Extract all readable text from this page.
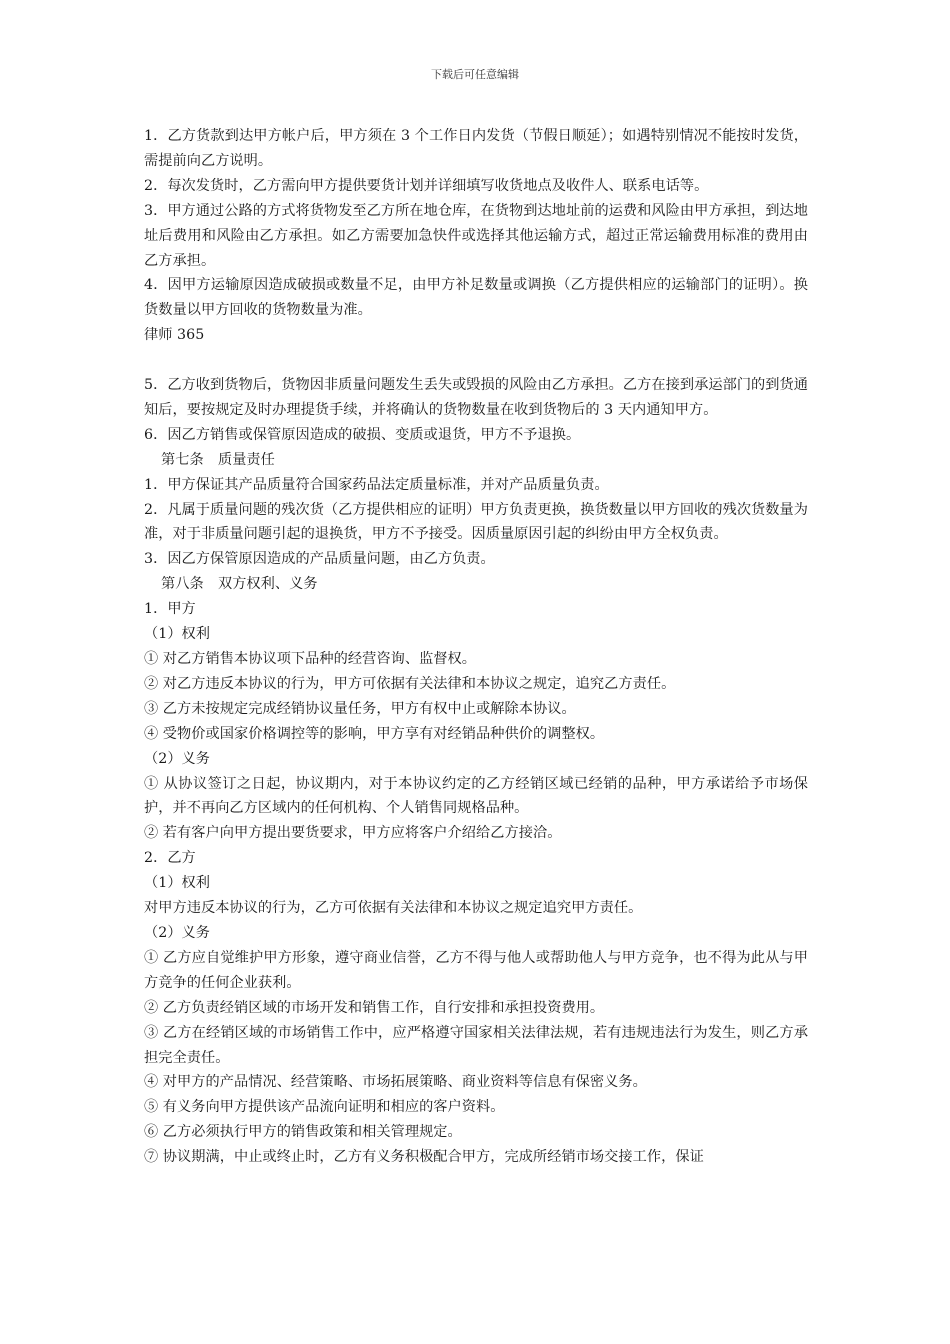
下载后可任意编辑

1．乙方货款到达甲方帐户后，甲方须在 3 个工作日内发货（节假日顺延）；如遇特别情况不能按时发货，需提前向乙方说明。

2．每次发货时，乙方需向甲方提供要货计划并详细填写收货地点及收件人、联系电话等。

3．甲方通过公路的方式将货物发至乙方所在地仓库，在货物到达地址前的运费和风险由甲方承担，到达地址后费用和风险由乙方承担。如乙方需要加急快件或选择其他运输方式，超过正常运输费用标准的费用由乙方承担。

4．因甲方运输原因造成破损或数量不足，由甲方补足数量或调换（乙方提供相应的运输部门的证明）。换货数量以甲方回收的货物数量为准。

律师 365

5．乙方收到货物后，货物因非质量问题发生丢失或毁损的风险由乙方承担。乙方在接到承运部门的到货通知后，要按规定及时办理提货手续，并将确认的货物数量在收到货物后的 3 天内通知甲方。

6．因乙方销售或保管原因造成的破损、变质或退货，甲方不予退换。

第七条　质量责任

1．甲方保证其产品质量符合国家药品法定质量标准，并对产品质量负责。

2．凡属于质量问题的残次货（乙方提供相应的证明）甲方负责更换，换货数量以甲方回收的残次货数量为准，对于非质量问题引起的退换货，甲方不予接受。因质量原因引起的纠纷由甲方全权负责。

3．因乙方保管原因造成的产品质量问题，由乙方负责。

第八条　双方权利、义务

1．甲方

（1）权利

① 对乙方销售本协议项下品种的经营咨询、监督权。

② 对乙方违反本协议的行为，甲方可依据有关法律和本协议之规定，追究乙方责任。

③ 乙方未按规定完成经销协议量任务，甲方有权中止或解除本协议。

④ 受物价或国家价格调控等的影响，甲方享有对经销品种供价的调整权。

（2）义务

① 从协议签订之日起，协议期内，对于本协议约定的乙方经销区域已经销的品种，甲方承诺给予市场保护，并不再向乙方区域内的任何机构、个人销售同规格品种。

② 若有客户向甲方提出要货要求，甲方应将客户介绍给乙方接洽。

2．乙方

（1）权利

对甲方违反本协议的行为，乙方可依据有关法律和本协议之规定追究甲方责任。

（2）义务

① 乙方应自觉维护甲方形象，遵守商业信誉，乙方不得与他人或帮助他人与甲方竞争，也不得为此从与甲方竞争的任何企业获利。

② 乙方负责经销区域的市场开发和销售工作，自行安排和承担投资费用。

③ 乙方在经销区域的市场销售工作中，应严格遵守国家相关法律法规，若有违规违法行为发生，则乙方承担完全责任。

④ 对甲方的产品情况、经营策略、市场拓展策略、商业资料等信息有保密义务。

⑤ 有义务向甲方提供该产品流向证明和相应的客户资料。

⑥ 乙方必须执行甲方的销售政策和相关管理规定。

⑦ 协议期满，中止或终止时，乙方有义务积极配合甲方，完成所经销市场交接工作，保证
